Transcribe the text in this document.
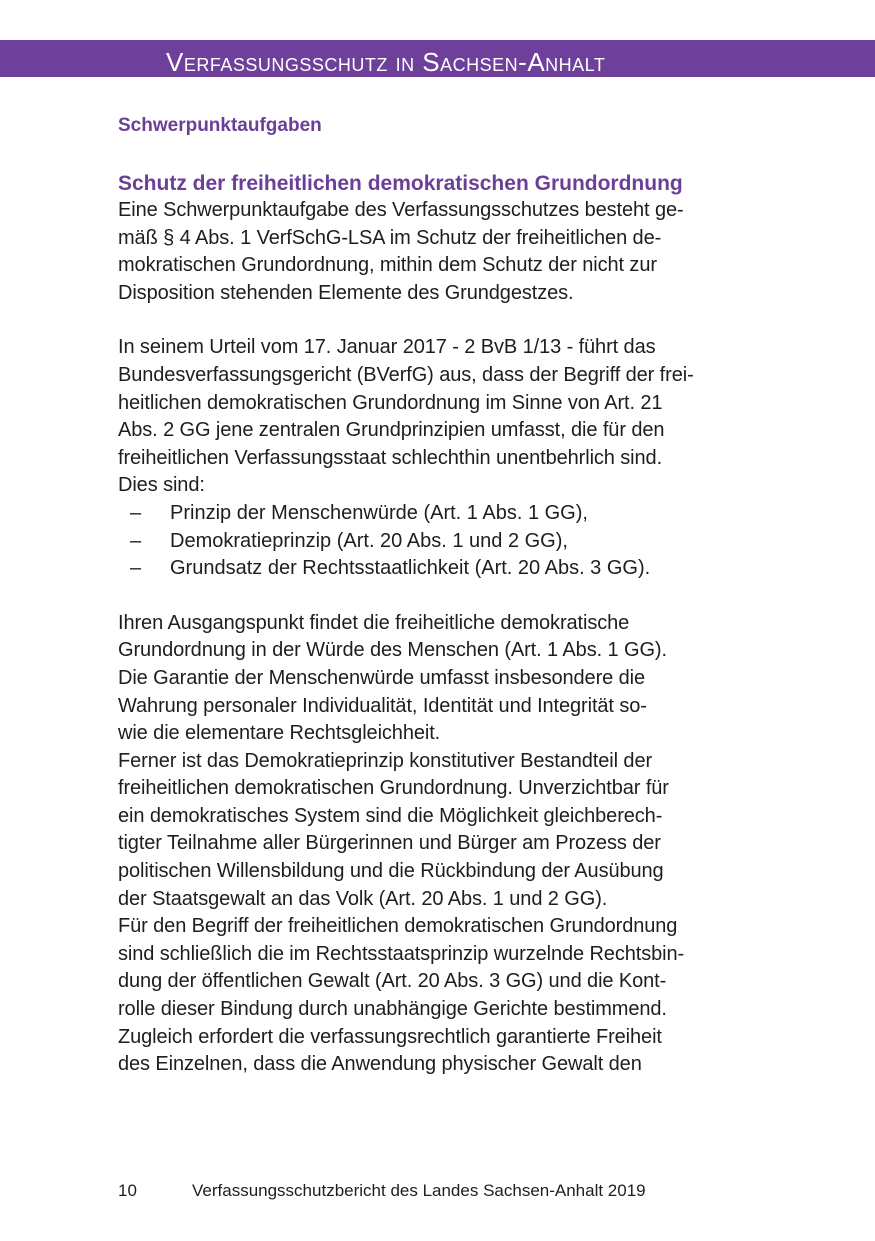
Verfassungsschutz in Sachsen-Anhalt
Schwerpunktaufgaben
Schutz der freiheitlichen demokratischen Grundordnung

Eine Schwerpunktaufgabe des Verfassungsschutzes besteht ge-
mäß § 4 Abs. 1 VerfSchG-LSA im Schutz der freiheitlichen de-
mokratischen Grundordnung, mithin dem Schutz der nicht zur
Disposition stehenden Elemente des Grundgestzes.

In seinem Urteil vom 17. Januar 2017 - 2 BvB 1/13 - führt das
Bundesverfassungsgericht (BVerfG) aus, dass der Begriff der frei-
heitlichen demokratischen Grundordnung im Sinne von Art. 21
Abs. 2 GG jene zentralen Grundprinzipien umfasst, die für den
freiheitlichen Verfassungsstaat schlechthin unentbehrlich sind.
Dies sind:

– Prinzip der Menschenwürde (Art. 1 Abs. 1 GG),
– Demokratieprinzip (Art. 20 Abs. 1 und 2 GG),
– Grundsatz der Rechtsstaatlichkeit (Art. 20 Abs. 3 GG).

Ihren Ausgangspunkt findet die freiheitliche demokratische
Grundordnung in der Würde des Menschen (Art. 1 Abs. 1 GG).
Die Garantie der Menschenwürde umfasst insbesondere die
Wahrung personaler Individualität, Identität und Integrität so-
wie die elementare Rechtsgleichheit.

Ferner ist das Demokratieprinzip konstitutiver Bestandteil der
freiheitlichen demokratischen Grundordnung. Unverzichtbar für
ein demokratisches System sind die Möglichkeit gleichberech-
tigter Teilnahme aller Bürgerinnen und Bürger am Prozess der
politischen Willensbildung und die Rückbindung der Ausübung
der Staatsgewalt an das Volk (Art. 20 Abs. 1 und 2 GG).

Für den Begriff der freiheitlichen demokratischen Grundordnung
sind schließlich die im Rechtsstaatsprinzip wurzelnde Rechtsbin-
dung der öffentlichen Gewalt (Art. 20 Abs. 3 GG) und die Kont-
rolle dieser Bindung durch unabhängige Gerichte bestimmend.
Zugleich erfordert die verfassungsrechtlich garantierte Freiheit
des Einzelnen, dass die Anwendung physischer Gewalt den

10	Verfassungsschutzbericht des Landes Sachsen-Anhalt 2019
